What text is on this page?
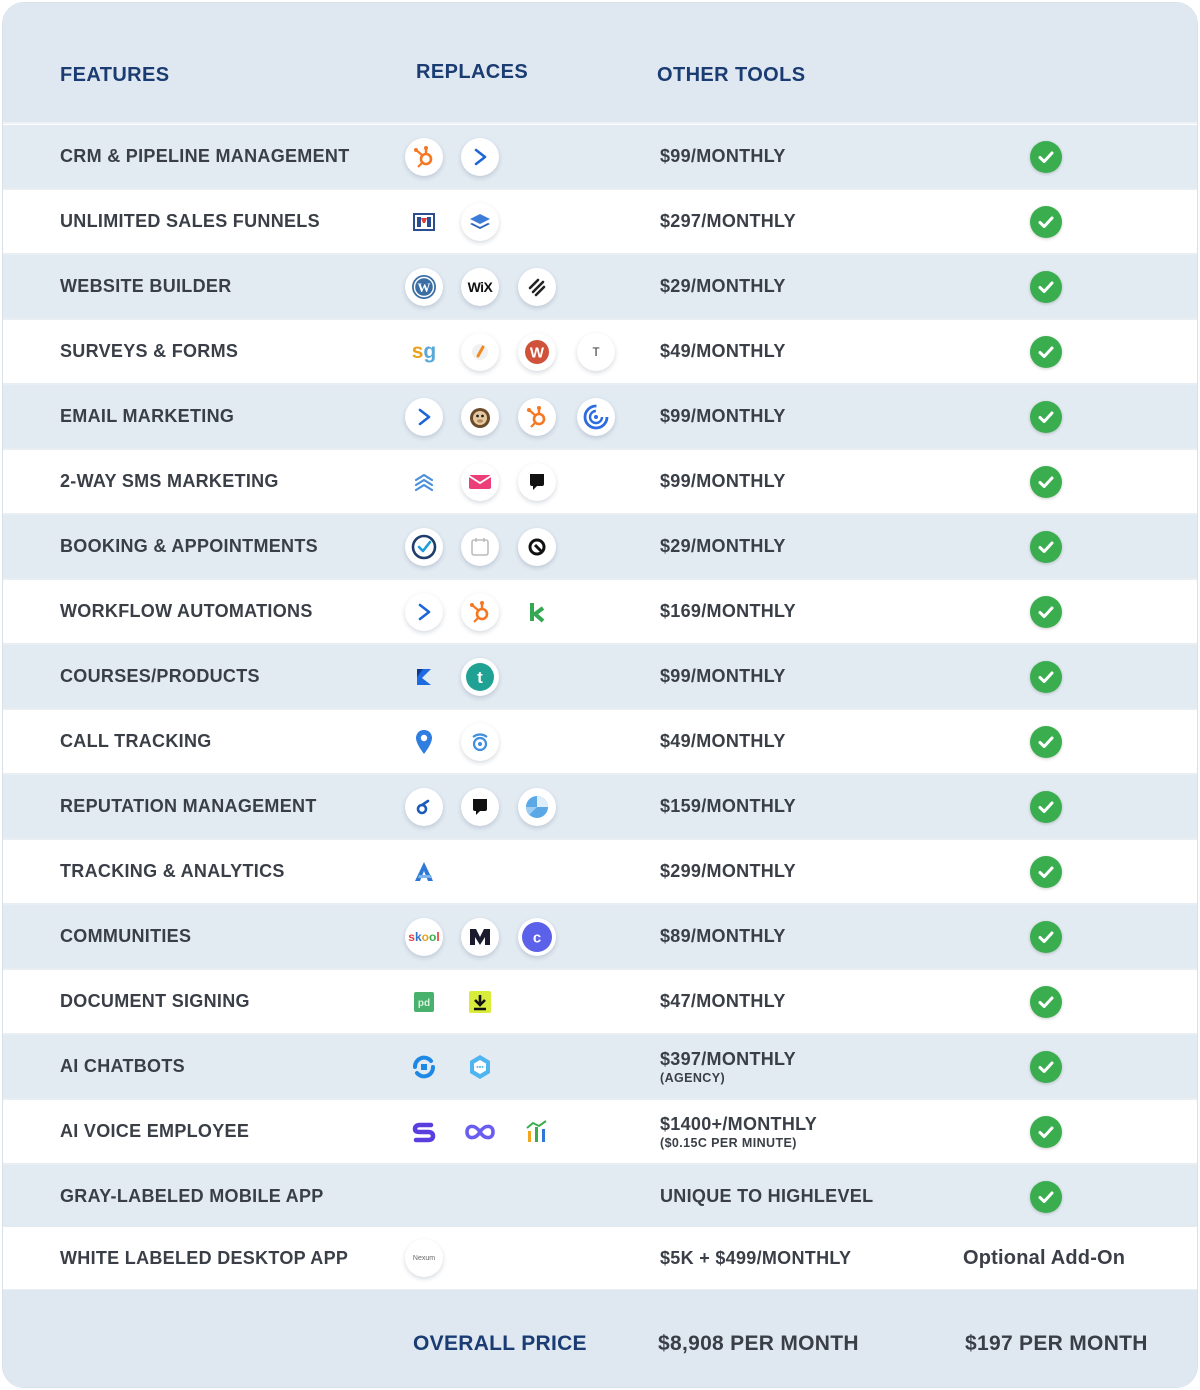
FEATURES	REPLACES	OTHER TOOLS
CRM & PIPELINE MANAGEMENT	$99/MONTHLY
UNLIMITED SALES FUNNELS	$297/MONTHLY
WEBSITE BUILDER	W	WiX	$29/MONTHLY
SURVEYS & FORMS	s g	W	T	$49/MONTHLY
EMAIL MARKETING	$99/MONTHLY
2-WAY SMS MARKETING	$99/MONTHLY
BOOKING & APPOINTMENTS	$29/MONTHLY
WORKFLOW AUTOMATIONS	$169/MONTHLY
COURSES/PRODUCTS	t	$99/MONTHLY
CALL TRACKING	$49/MONTHLY
REPUTATION MANAGEMENT	$159/MONTHLY
TRACKING & ANALYTICS	$299/MONTHLY
COMMUNITIES	skool	c	$89/MONTHLY
DOCUMENT SIGNING	pd	$47/MONTHLY
AI CHATBOTS	$397/MONTHLY
(AGENCY)
AI VOICE EMPLOYEE	$1400+/MONTHLY
($0.15C PER MINUTE)
GRAY-LABELED MOBILE APP	UNIQUE TO HIGHLEVEL
WHITE LABELED DESKTOP APP	Nexum	$5K + $499/MONTHLY	Optional Add-On
OVERALL PRICE	$8,908 PER MONTH	$197 PER MONTH
